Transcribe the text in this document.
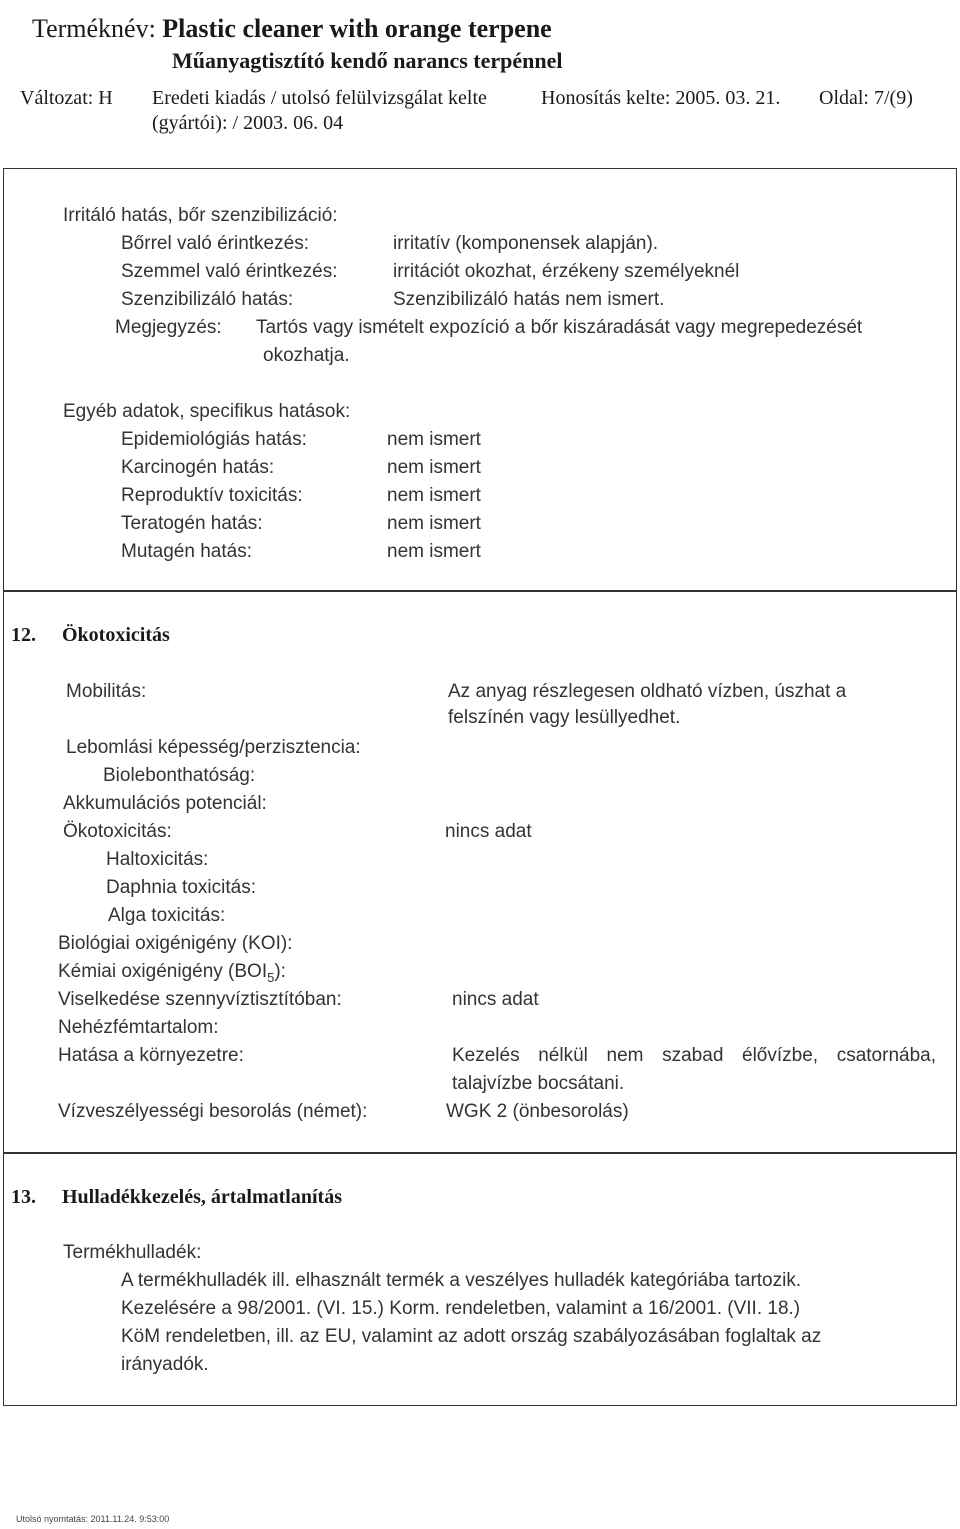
Terméknév: Plastic cleaner with orange terpene
Műanyagtisztító kendő narancs terpénnel
Változat: H Eredeti kiadás / utolsó felülvizsgálat kelte
(gyártói): / 2003. 06. 04
Honosítás kelte: 2005. 03. 21. Oldal: 7/(9)
Irritáló hatás, bőr szenzibilizáció:
Bőrrel való érintkezés:	irritatív (komponensek alapján).
Szemmel való érintkezés:	irritációt okozhat, érzékeny személyeknél
Szenzibilizáló hatás:	Szenzibilizáló hatás nem ismert.
Megjegyzés: Tartós vagy ismételt expozíció a bőr kiszáradását vagy megrepedezését
okozhatja.
Egyéb adatok, specifikus hatások:
Epidemiológiás hatás:	nem ismert
Karcinogén hatás:	nem ismert
Reproduktív toxicitás:	nem ismert
Teratogén hatás:	nem ismert
Mutagén hatás:	nem ismert
12. Ökotoxicitás
Mobilitás:	Az anyag részlegesen oldható vízben, úszhat a
felszínén vagy lesüllyedhet.
Lebomlási képesség/perzisztencia:
Biolebonthatóság:
Akkumulációs potenciál:
Ökotoxicitás:	nincs adat
Haltoxicitás:
Daphnia toxicitás:
Alga toxicitás:
Biológiai oxigénigény (KOI):
Kémiai oxigénigény $(BOI_5)$:
Viselkedése szennyvíztisztítóban:	nincs adat
Nehézfémtartalom:
Hatása a környezetre:	Kezelés nélkül nem szabad élővízbe, csatornába,
talajvízbe bocsátani.
Vízveszélyességi besorolás (német):	WGK 2 (önbesorolás)
13. Hulladékkezelés, ártalmatlanítás
Termékhulladék:
A termékhulladék ill. elhasznált termék a veszélyes hulladék kategóriába tartozik.
Kezelésére a 98/2001. (VI. 15.) Korm. rendeletben, valamint a 16/2001. (VII. 18.)
KöM rendeletben, ill. az EU, valamint az adott ország szabályozásában foglaltak az
irányadók.
Utolsó nyomtatás: 2011.11.24. 9:53:00
